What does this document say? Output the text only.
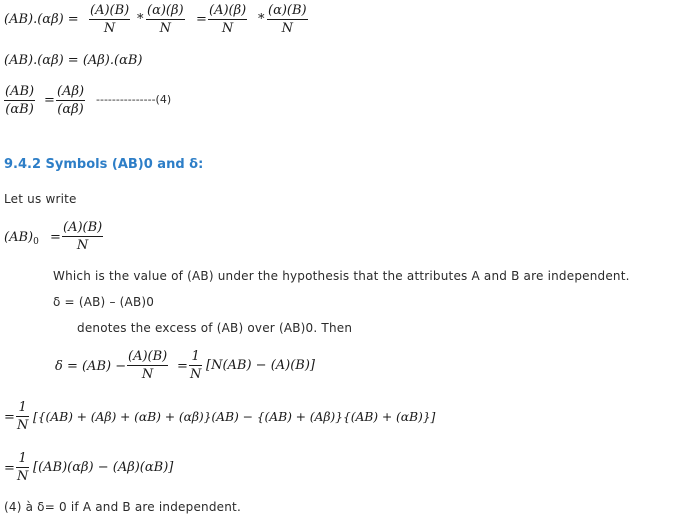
(AB).(αβ) =
(A)(B)
N
*
(α)(β)
N
=
(A)(β)
N
*
(α)(B)
N
(AB).(αβ) = (Aβ).(αB)
(AB)
(αB)
=
(Aβ)
(αβ)
---------------(4)
9.4.2 Symbols (AB)0 and δ:
Let us write
$(AB)_0$ =
(A)(B)
N
Which is the value of (AB) under the hypothesis that the attributes A and B are independent.
δ = (AB) – (AB)0
denotes the excess of (AB) over (AB)0. Then
δ = (AB) −
(A)(B)
N
=
1
N
[N(AB) − (A)(B)]
=
1
N
[{(AB) + (Aβ) + (αB) + (αβ)}(AB) − {(AB) + (Aβ)}{(AB) + (αB)}]
=
1
N
[(AB)(αβ) − (Aβ)(αB)]
(4) à δ= 0 if A and B are independent.
